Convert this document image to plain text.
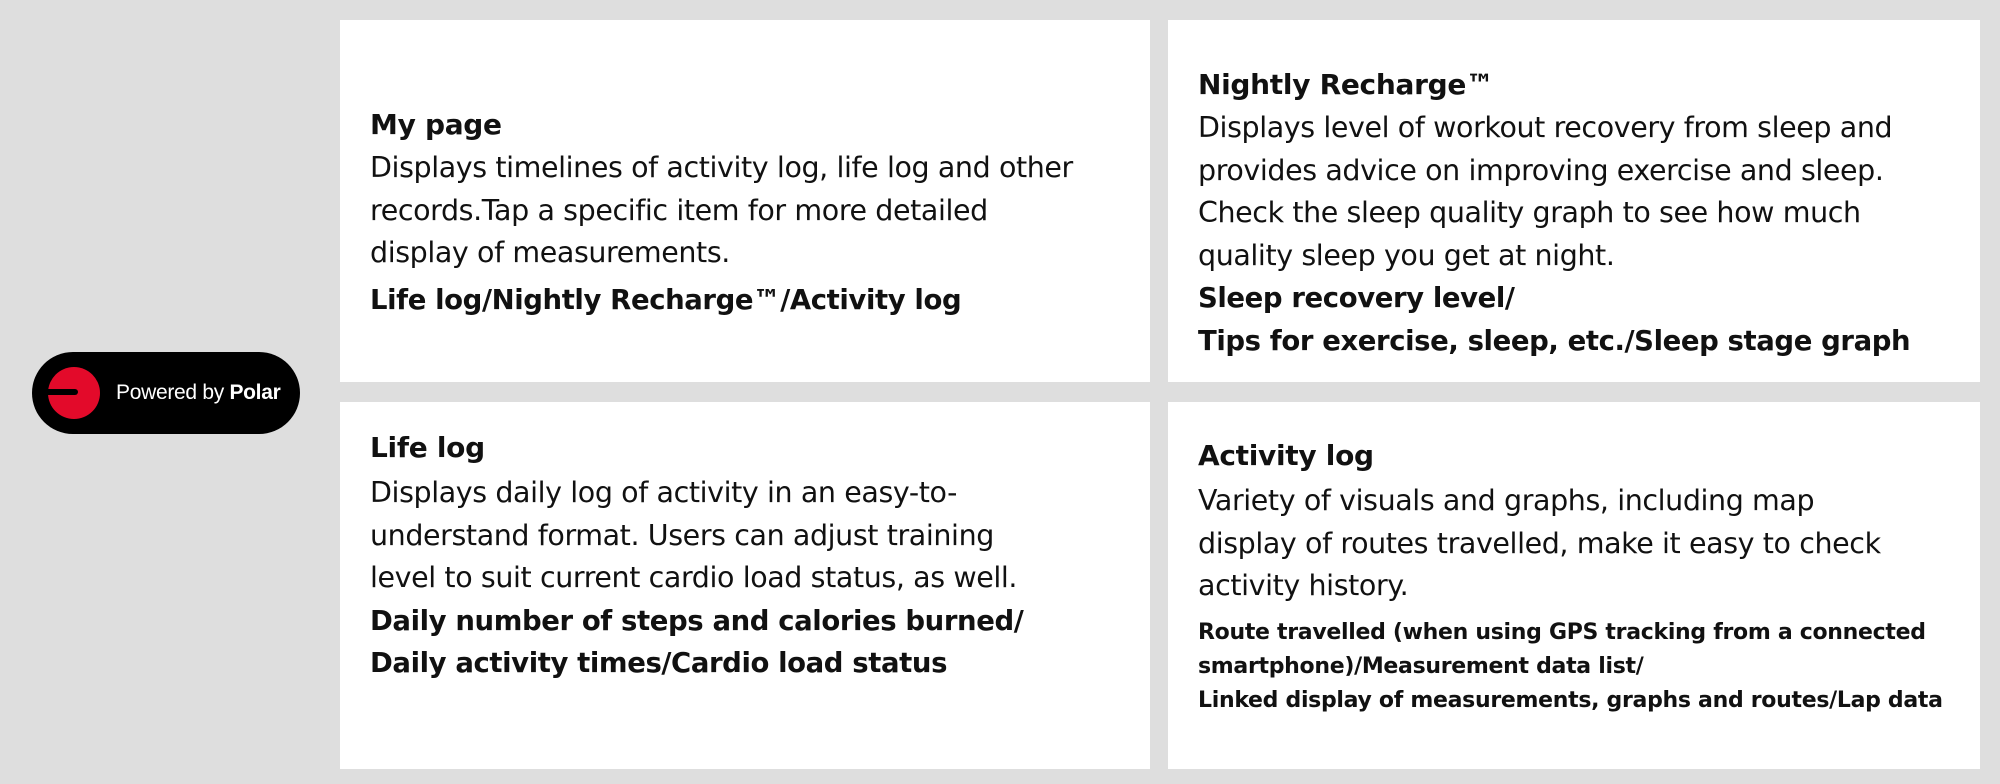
Powered by Polar
My page

Displays timelines of activity log, life log and other records.Tap a specific item for more detailed display of measurements.

Life log/Nightly Recharge™/Activity log
Nightly Recharge™

Displays level of workout recovery from sleep and provides advice on improving exercise and sleep. Check the sleep quality graph to see how much quality sleep you get at night.

Sleep recovery level/
Tips for exercise, sleep, etc./Sleep stage graph
Life log

Displays daily log of activity in an easy-to-understand format. Users can adjust training level to suit current cardio load status, as well.

Daily number of steps and calories burned/
Daily activity times/Cardio load status
Activity log

Variety of visuals and graphs, including map display of routes travelled, make it easy to check activity history.

Route travelled (when using GPS tracking from a connected smartphone)/Measurement data list/
Linked display of measurements, graphs and routes/Lap data
